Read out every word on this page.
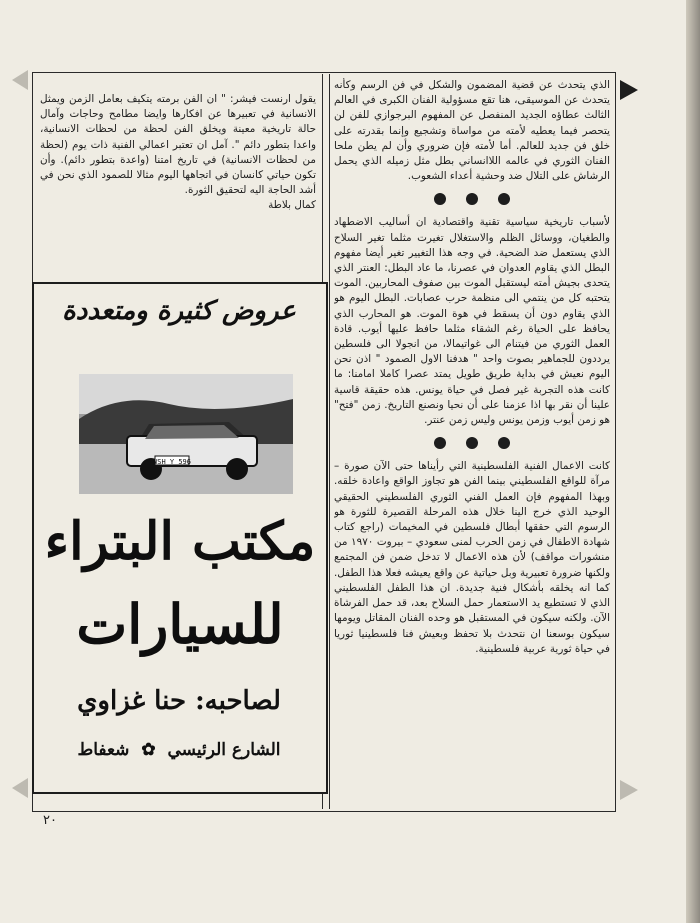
الذي يتحدث عن قضية المضمون والشكل في فن الرسم وكأنه يتحدث عن الموسيقى، هنا تقع مسؤولية الفنان الكبرى في العالم الثالث عطاؤه الجديد المنفصل عن المفهوم البرجوازي للفن لن يتحصر فيما يعطيه لأمته من مواساة وتشجيع وإنما بقدرته على خلق فن جديد للعالم. أما لأمته فإن ضروري وأن لم يطن ملحا الفنان الثوري في عالمه اللاانساني بطل مثل زميله الذي يحمل الرشاش على التلال ضد وحشية أعداء الشعوب.

لأسباب تاريخية سياسية تقنية واقتصادية ان أساليب الاضطهاد والطغيان، ووسائل الظلم والاستغلال تغيرت مثلما تغير السلاح الذي يستعمل ضد الضحية. في وجه هذا التغيير تغير أيضا مفهوم البطل الذي يقاوم العدوان في عصرنا، ما عاد البطل: العنتر الذي يتحدى بجيش أمته ليستقبل الموت بين صفوف المحاربين. الموت يتحتبه كل من ينتمي الى منظمة حرب عصابات. البطل اليوم هو الذي يقاوم دون أن يسقط في هوة الموت. هو المحارب الذي يحافظ على الحياة رغم الشقاء مثلما حافظ عليها أيوب. قادة العمل الثوري من فيتنام الى غواتيمالا، من انجولا الى فلسطين يرددون للجماهير بصوت واحد " هدفنا الاول الصمود " اذن نحن اليوم نعيش في بداية طريق طويل يمتد عصرا كاملا امامنا: ما كانت هذه التجربة غير فصل في حياة يونس. هذه حقيقة قاسية علينا أن نقر بها اذا عزمنا على أن نحيا ونصنع التاريخ. زمن "فتح" هو زمن أيوب وزمن يونس وليس زمن عنتر.

كانت الاعمال الفنية الفلسطينية التي رأيناها حتى الآن صورة – مرآة للواقع الفلسطيني بينما الفن هو تجاوز الواقع واعادة خلقه. وبهذا المفهوم فإن العمل الفني الثوري الفلسطيني الحقيقي الوحيد الذي خرج الينا خلال هذه المرحلة القصيرة للثورة هو الرسوم التي حققها أبطال فلسطين في المخيمات (راجع كتاب شهادة الاطفال في زمن الحرب لمنى سعودي – بيروت ١٩٧٠ من منشورات مواقف) لأن هذه الاعمال لا تدخل ضمن فن المجتمع ولكنها ضرورة تعبيرية وبل حياتية عن واقع يعيشه فعلا هذا الطفل. كما انه يخلقه بأشكال فنية جديدة. ان هذا الطفل الفلسطيني الذي لا تستطيع يد الاستعمار حمل السلاح بعد، قد حمل الفرشاة الآن. ولكنه سيكون في المستقبل هو وحده الفنان المقاتل ويومها سيكون بوسعنا ان نتحدث بلا تحفظ وبعيش فنا فلسطينيا ثوريا في حياة ثورية عربية فلسطينية.

يقول ارنست فيشر: " ان الفن برمته يتكيف بعامل الزمن ويمثل الانسانية في تعبيرها عن افكارها وايضا مطامح وحاجات وآمال حالة تاريخية معينة ويخلق الفن لحظة من لحظات الانسانية، واعدا بتطور دائم ". آمل ان تعتبر اعمالي الفنية ذات يوم (لحظة من لحظات الانسانية) في تاريخ امتنا (واعدة بتطور دائم). وأن تكون حياتي كانسان في اتجاهها اليوم مثالا للصمود الذي نحن في أشد الحاجة اليه لتحقيق الثورة.

كمال بلاطة

عروض كثيرة ومتعددة
WSH Y 596
مكتب البتراء
للسيارات
لصاحبه: حنا غزاوي
الشارع الرئيسي ✿ شعفاط
٢٠
